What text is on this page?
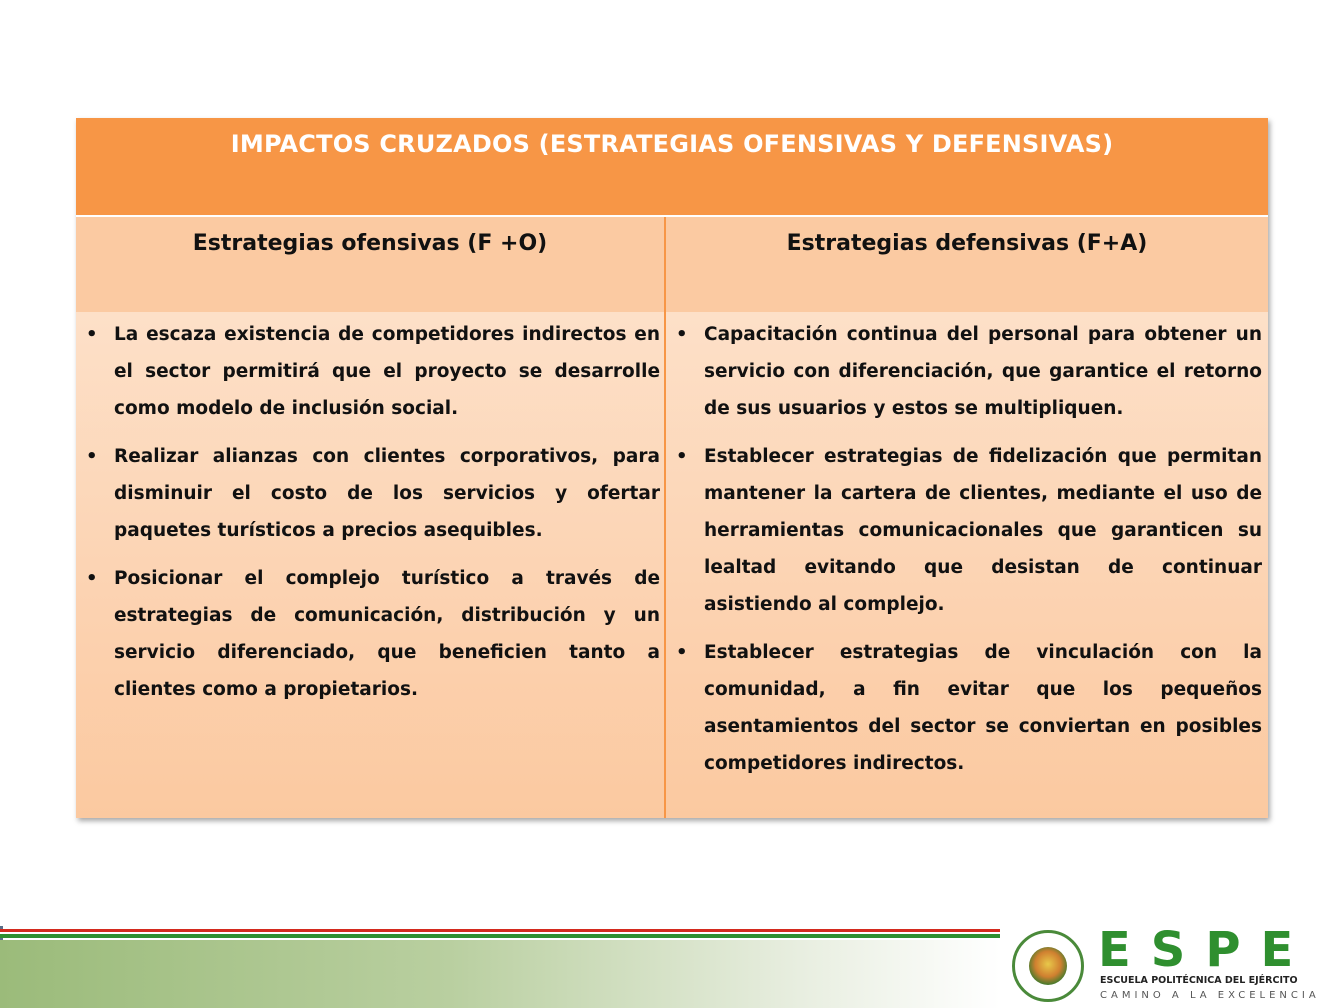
IMPACTOS CRUZADOS (ESTRATEGIAS OFENSIVAS Y DEFENSIVAS)
Estrategias ofensivas (F +O)	Estrategias defensivas (F+A)
• La escaza existencia de competidores indirectos en el sector permitirá que el proyecto se desarrolle como modelo de inclusión social.
• Realizar alianzas con clientes corporativos, para disminuir el costo de los servicios y ofertar paquetes turísticos a precios asequibles.
• Posicionar el complejo turístico a través de estrategias de comunicación, distribución y un servicio diferenciado, que beneficien tanto a clientes como a propietarios.
• Capacitación continua del personal para obtener un servicio con diferenciación, que garantice el retorno de sus usuarios y estos se multipliquen.
• Establecer estrategias de fidelización que permitan mantener la cartera de clientes, mediante el uso de herramientas comunicacionales que garanticen su lealtad evitando que desistan de continuar asistiendo al complejo.
• Establecer estrategias de vinculación con la comunidad, a fin evitar que los pequeños asentamientos del sector se conviertan en posibles competidores indirectos.
ESPE
ESCUELA POLITÉCNICA DEL EJÉRCITO
CAMINO A LA EXCELENCIA
